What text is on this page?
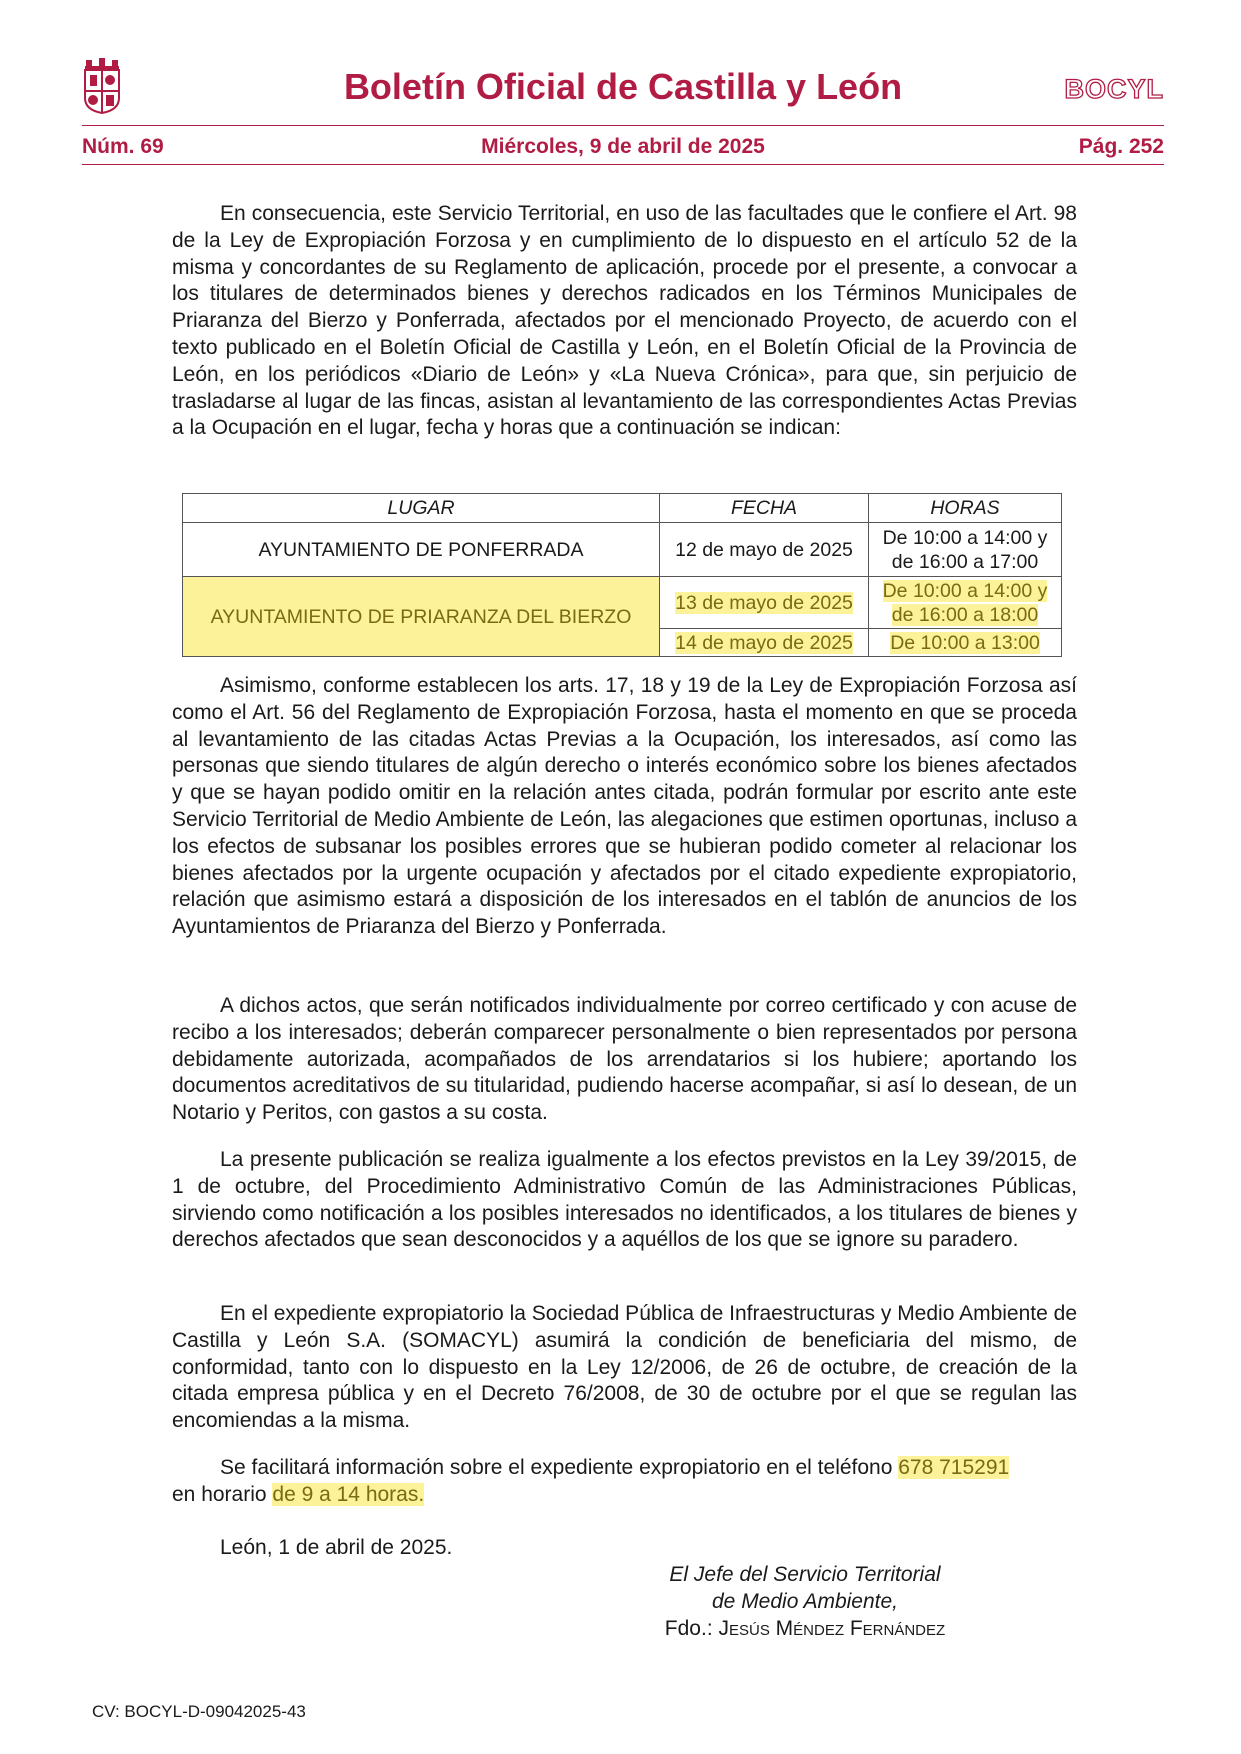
Boletín Oficial de Castilla y León	BOCYL
Núm. 69	Miércoles, 9 de abril de 2025	Pág. 252

En consecuencia, este Servicio Territorial, en uso de las facultades que le confiere el Art. 98 de la Ley de Expropiación Forzosa y en cumplimiento de lo dispuesto en el artículo 52 de la misma y concordantes de su Reglamento de aplicación, procede por el presente, a convocar a los titulares de determinados bienes y derechos radicados en los Términos Municipales de Priaranza del Bierzo y Ponferrada, afectados por el mencionado Proyecto, de acuerdo con el texto publicado en el Boletín Oficial de Castilla y León, en el Boletín Oficial de la Provincia de León, en los periódicos «Diario de León» y «La Nueva Crónica», para que, sin perjuicio de trasladarse al lugar de las fincas, asistan al levantamiento de las correspondientes Actas Previas a la Ocupación en el lugar, fecha y horas que a continuación se indican:

LUGAR	FECHA	HORAS
AYUNTAMIENTO DE PONFERRADA	12 de mayo de 2025	De 10:00 a 14:00 y
de 16:00 a 17:00

AYUNTAMIENTO DE PRIARANZA DEL BIERZO	13 de mayo de 2025	De 10:00 a 14:00 y
de 16:00 a 18:00

	14 de mayo de 2025	De 10:00 a 13:00

Asimismo, conforme establecen los arts. 17, 18 y 19 de la Ley de Expropiación Forzosa así como el Art. 56 del Reglamento de Expropiación Forzosa, hasta el momento en que se proceda al levantamiento de las citadas Actas Previas a la Ocupación, los interesados, así como las personas que siendo titulares de algún derecho o interés económico sobre los bienes afectados y que se hayan podido omitir en la relación antes citada, podrán formular por escrito ante este Servicio Territorial de Medio Ambiente de León, las alegaciones que estimen oportunas, incluso a los efectos de subsanar los posibles errores que se hubieran podido cometer al relacionar los bienes afectados por la urgente ocupación y afectados por el citado expediente expropiatorio, relación que asimismo estará a disposición de los interesados en el tablón de anuncios de los Ayuntamientos de Priaranza del Bierzo y Ponferrada.

A dichos actos, que serán notificados individualmente por correo certificado y con acuse de recibo a los interesados; deberán comparecer personalmente o bien representados por persona debidamente autorizada, acompañados de los arrendatarios si los hubiere; aportando los documentos acreditativos de su titularidad, pudiendo hacerse acompañar, si así lo desean, de un Notario y Peritos, con gastos a su costa.

La presente publicación se realiza igualmente a los efectos previstos en la Ley 39/2015, de 1 de octubre, del Procedimiento Administrativo Común de las Administraciones Públicas, sirviendo como notificación a los posibles interesados no identificados, a los titulares de bienes y derechos afectados que sean desconocidos y a aquéllos de los que se ignore su paradero.

En el expediente expropiatorio la Sociedad Pública de Infraestructuras y Medio Ambiente de Castilla y León S.A. (SOMACYL) asumirá la condición de beneficiaria del mismo, de conformidad, tanto con lo dispuesto en la Ley 12/2006, de 26 de octubre, de creación de la citada empresa pública y en el Decreto 76/2008, de 30 de octubre por el que se regulan las encomiendas a la misma.

Se facilitará información sobre el expediente expropiatorio en el teléfono 678 715291
en horario de 9 a 14 horas.

León, 1 de abril de 2025.

El Jefe del Servicio Territorial
de Medio Ambiente,
Fdo.: Jesús Méndez Fernández
CV: BOCYL-D-09042025-43
